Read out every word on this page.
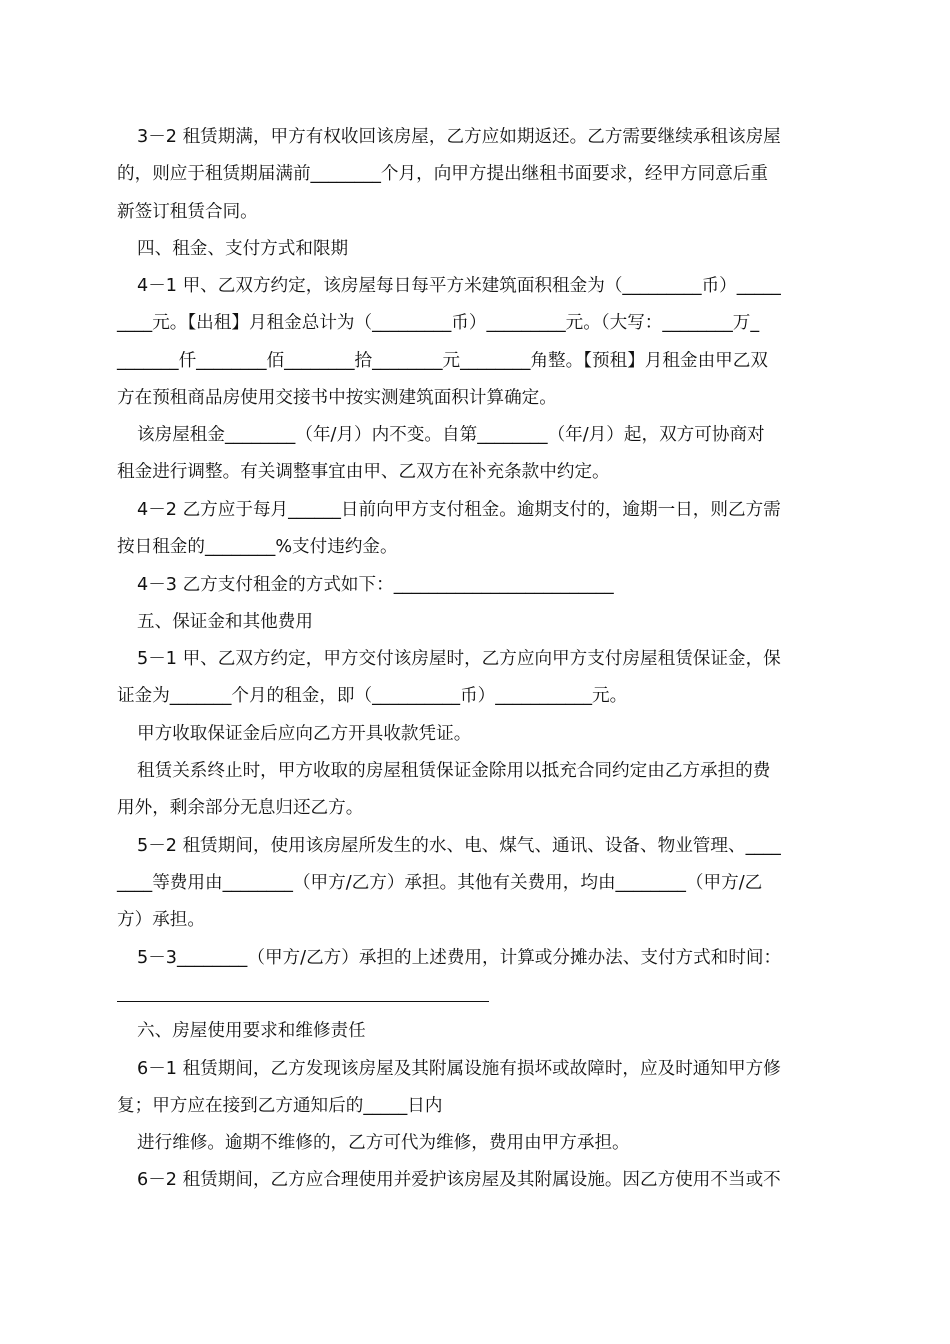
3－2 租赁期满，甲方有权收回该房屋，乙方应如期返还。乙方需要继续承租该房屋
的，则应于租赁期届满前________个月，向甲方提出继租书面要求，经甲方同意后重
新签订租赁合同。
四、租金、支付方式和限期
4－1 甲、乙双方约定，该房屋每日每平方米建筑面积租金为（_________币）_____
____元。【出租】月租金总计为（_________币）_________元。（大写：________万_
_______仟________佰________拾________元________角整。【预租】月租金由甲乙双
方在预租商品房使用交接书中按实测建筑面积计算确定。
该房屋租金________（年/月）内不变。自第________（年/月）起，双方可协商对
租金进行调整。有关调整事宜由甲、乙双方在补充条款中约定。
4－2 乙方应于每月______日前向甲方支付租金。逾期支付的，逾期一日，则乙方需
按日租金的________%支付违约金。
4－3 乙方支付租金的方式如下：_________________________
五、保证金和其他费用
5－1 甲、乙双方约定，甲方交付该房屋时，乙方应向甲方支付房屋租赁保证金，保
证金为_______个月的租金，即（__________币）___________元。
甲方收取保证金后应向乙方开具收款凭证。
租赁关系终止时，甲方收取的房屋租赁保证金除用以抵充合同约定由乙方承担的费
用外，剩余部分无息归还乙方。
5－2 租赁期间，使用该房屋所发生的水、电、煤气、通讯、设备、物业管理、____
____等费用由________（甲方/乙方）承担。其他有关费用，均由________（甲方/乙
方）承担。
5－3________（甲方/乙方）承担的上述费用，计算或分摊办法、支付方式和时间：
六、房屋使用要求和维修责任
6－1 租赁期间，乙方发现该房屋及其附属设施有损坏或故障时，应及时通知甲方修
复；甲方应在接到乙方通知后的_____日内
进行维修。逾期不维修的，乙方可代为维修，费用由甲方承担。
6－2 租赁期间，乙方应合理使用并爱护该房屋及其附属设施。因乙方使用不当或不
